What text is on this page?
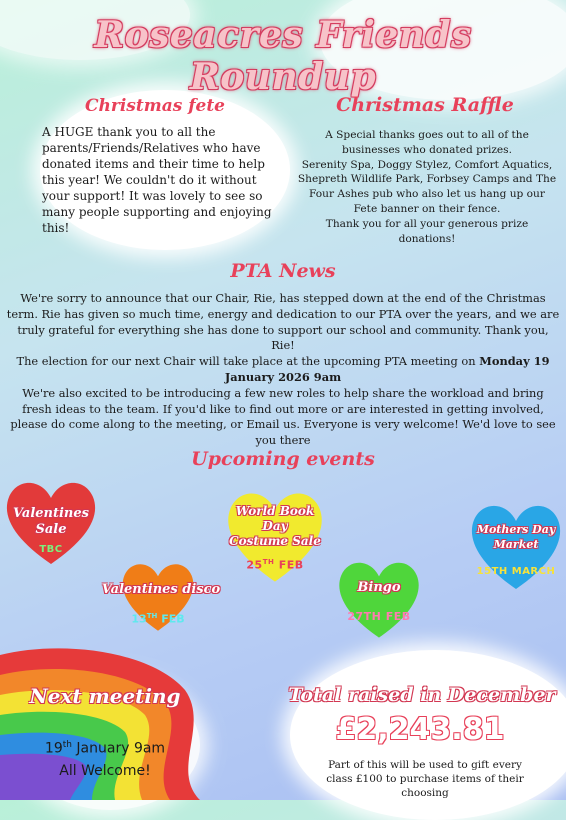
Roseacres Friends Roundup
Christmas fete
A HUGE thank you to all the parents/Friends/Relatives who have donated items and their time to help this year! We couldn't do it without your support! It was lovely to see so many people supporting and enjoying this!
Christmas Raffle
A Special thanks goes out to all of the businesses who donated prizes.
Serenity Spa, Doggy Stylez, Comfort Aquatics, Shepreth Wildlife Park, Forbsey Camps and The Four Ashes pub who also let us hang up our Fete banner on their fence.
Thank you for all your generous prize donations!
PTA News
We're sorry to announce that our Chair, Rie, has stepped down at the end of the Christmas term. Rie has given so much time, energy and dedication to our PTA over the years, and we are truly grateful for everything she has done to support our school and community. Thank you, Rie!
The election for our next Chair will take place at the upcoming PTA meeting on Monday 19 January 2026 9am
We're also excited to be introducing a few new roles to help share the workload and bring fresh ideas to the team. If you'd like to find out more or are interested in getting involved, please do come along to the meeting, or Email us. Everyone is very welcome! We'd love to see you there
Upcoming events
Valentines
Sale
TBC
Valentines disco
13TH FEB
World Book
Day
Costume Sale
25TH FEB
Bingo
27TH FEB
Mothers Day
Market
15TH MARCH
Next meeting
19th January 9am
All Welcome!
Total raised in December
£2,243.81
Part of this will be used to gift every class £100 to purchase items of their choosing
